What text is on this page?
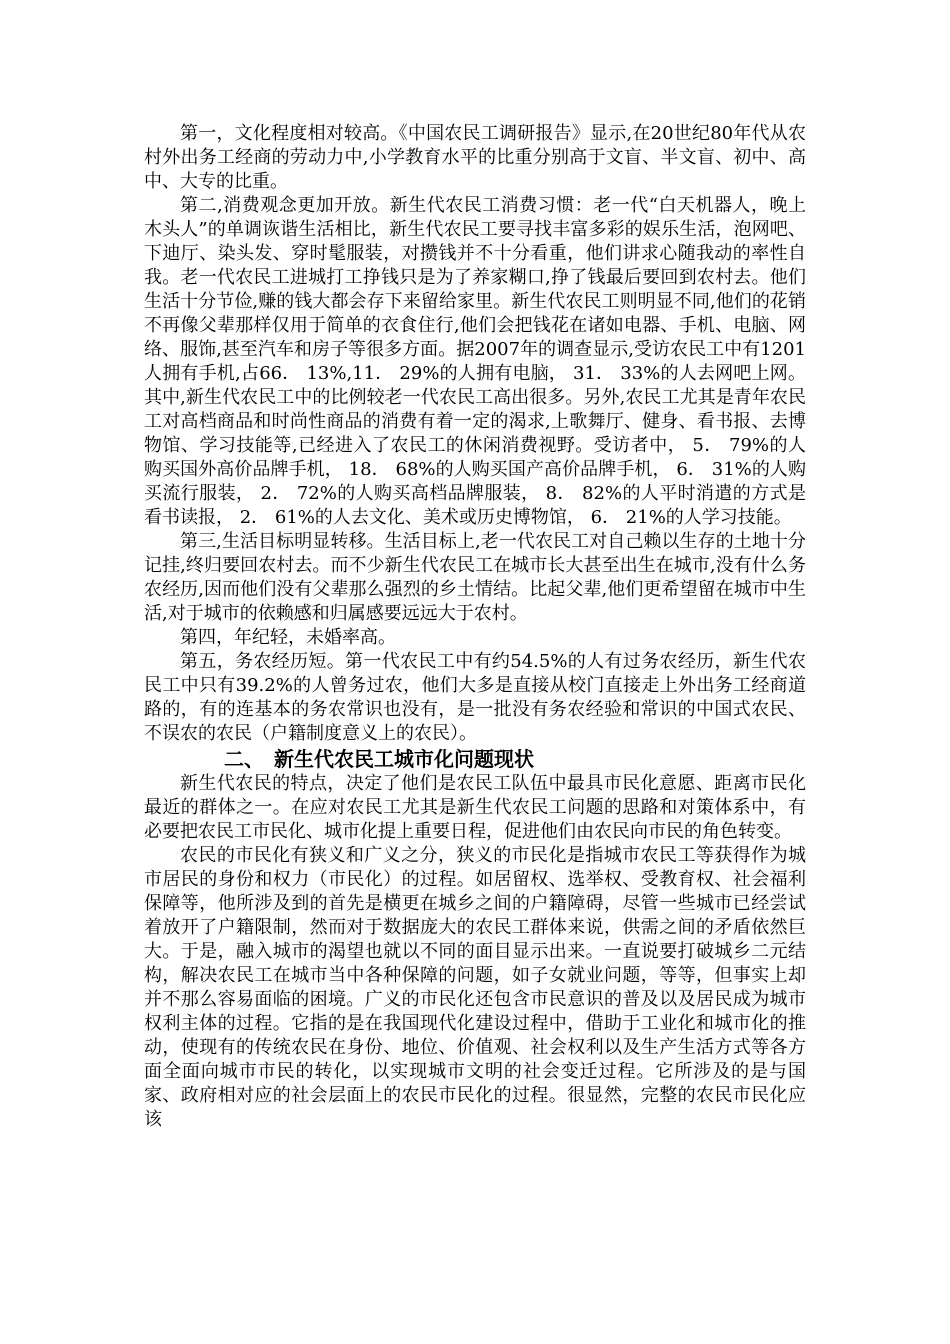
第一，文化程度相对较高。《中国农民工调研报告》显示,在20世纪80年代从农村外出务工经商的劳动力中,小学教育水平的比重分别高于文盲、半文盲、初中、高中、大专的比重。

第二,消费观念更加开放。新生代农民工消费习惯：老一代“白天机器人，晚上木头人”的单调诙谐生活相比，新生代农民工要寻找丰富多彩的娱乐生活，泡网吧、下迪厅、染头发、穿时髦服装，对攒钱并不十分看重，他们讲求心随我动的率性自我。老一代农民工进城打工挣钱只是为了养家糊口,挣了钱最后要回到农村去。他们生活十分节俭,赚的钱大都会存下来留给家里。新生代农民工则明显不同,他们的花销不再像父辈那样仅用于简单的衣食住行,他们会把钱花在诸如电器、手机、电脑、网络、服饰,甚至汽车和房子等很多方面。据2007年的调查显示,受访农民工中有1201人拥有手机,占66． 13%,11． 29%的人拥有电脑， 31． 33%的人去网吧上网。其中,新生代农民工中的比例较老一代农民工高出很多。另外,农民工尤其是青年农民工对高档商品和时尚性商品的消费有着一定的渴求,上歌舞厅、健身、看书报、去博物馆、学习技能等,已经进入了农民工的休闲消费视野。受访者中， 5． 79%的人购买国外高价品牌手机， 18． 68%的人购买国产高价品牌手机， 6． 31%的人购买流行服装， 2． 72%的人购买高档品牌服装， 8． 82%的人平时消遣的方式是看书读报， 2． 61%的人去文化、美术或历史博物馆， 6． 21%的人学习技能。

第三,生活目标明显转移。生活目标上,老一代农民工对自己赖以生存的土地十分记挂,终归要回农村去。而不少新生代农民工在城市长大甚至出生在城市,没有什么务农经历,因而他们没有父辈那么强烈的乡土情结。比起父辈,他们更希望留在城市中生活,对于城市的依赖感和归属感要远远大于农村。

第四，年纪轻，未婚率高。

第五，务农经历短。第一代农民工中有约54.5%的人有过务农经历，新生代农民工中只有39.2%的人曾务过农，他们大多是直接从校门直接走上外出务工经商道路的，有的连基本的务农常识也没有，是一批没有务农经验和常识的中国式农民、不误农的农民（户籍制度意义上的农民）。

二、　新生代农民工城市化问题现状

新生代农民的特点，决定了他们是农民工队伍中最具市民化意愿、距离市民化最近的群体之一。在应对农民工尤其是新生代农民工问题的思路和对策体系中，有必要把农民工市民化、城市化提上重要日程，促进他们由农民向市民的角色转变。

农民的市民化有狭义和广义之分，狭义的市民化是指城市农民工等获得作为城市居民的身份和权力（市民化）的过程。如居留权、选举权、受教育权、社会福利保障等，他所涉及到的首先是横更在城乡之间的户籍障碍，尽管一些城市已经尝试着放开了户籍限制，然而对于数据庞大的农民工群体来说，供需之间的矛盾依然巨大。于是，融入城市的渴望也就以不同的面目显示出来。一直说要打破城乡二元结构，解决农民工在城市当中各种保障的问题，如子女就业问题，等等，但事实上却并不那么容易面临的困境。广义的市民化还包含市民意识的普及以及居民成为城市权利主体的过程。它指的是在我国现代化建设过程中，借助于工业化和城市化的推动，使现有的传统农民在身份、地位、价值观、社会权利以及生产生活方式等各方面全面向城市市民的转化，以实现城市文明的社会变迁过程。它所涉及的是与国家、政府相对应的社会层面上的农民市民化的过程。很显然，完整的农民市民化应该
